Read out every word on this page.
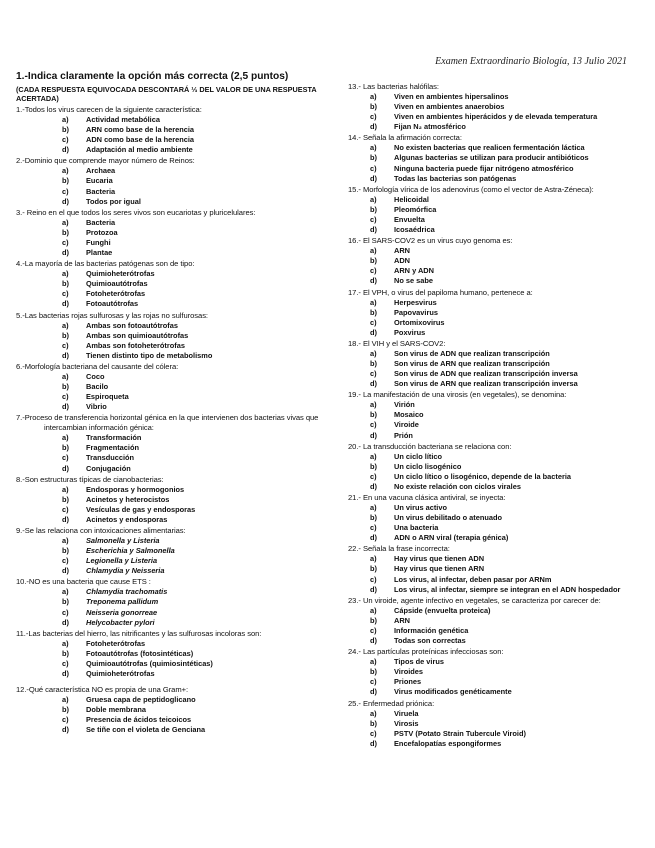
Examen Extraordinario Biología, 13 Julio 2021

1.-Indica claramente la opción más correcta (2,5 puntos)

(CADA RESPUESTA EQUIVOCADA DESCONTARÁ ⅓ DEL VALOR DE UNA RESPUESTA ACERTADA)

1.-Todos los virus carecen de la siguiente característica:
a) Actividad metabólica
b) ARN como base de la herencia
c) ADN como base de la herencia
d) Adaptación al medio ambiente
2.-Dominio que comprende mayor número de Reinos:
a) Archaea
b) Eucaria
c) Bacteria
d) Todos por igual
3.- Reino en el que todos los seres vivos son eucariotas y pluricelulares:
a) Bacteria
b) Protozoa
c) Funghi
d) Plantae
4.-La mayoría de las bacterias patógenas son de tipo:
a) Quimioheterótrofas
b) Quimioautótrofas
c) Fotoheterótrofas
d) Fotoautótrofas
5.-Las bacterias rojas sulfurosas y las rojas no sulfurosas:
a) Ambas son fotoautótrofas
b) Ambas son quimioautótrofas
c) Ambas son fotoheterótrofas
d) Tienen distinto tipo de metabolismo
6.-Morfología bacteriana del causante del cólera:
a) Coco
b) Bacilo
c) Espiroqueta
d) Vibrio
7.-Proceso de transferencia horizontal génica en la que intervienen dos bacterias vivas que intercambian información génica:
a) Transformación
b) Fragmentación
c) Transducción
d) Conjugación
8.-Son estructuras típicas de cianobacterias:
a) Endosporas y hormogonios
b) Acinetos y heterocistos
c) Vesículas de gas y endosporas
d) Acinetos y endosporas
9.-Se las relaciona con intoxicaciones alimentarias:
a) Salmonella y Listeria
b) Escherichia y Salmonella
c) Legionella y Listeria
d) Chlamydia y Neisseria
10.-NO es una bacteria que cause ETS :
a) Chlamydia trachomatis
b) Treponema pallidum
c) Neisseria gonorreae
d) Helycobacter pylori
11.-Las bacterias del hierro, las nitrificantes y las sulfurosas incoloras son:
a) Fotoheterótrofas
b) Fotoautótrofas (fotosintéticas)
c) Quimioautótrofas (quimiosintéticas)
d) Quimioheterótrofas
12.-Qué característica NO es propia de una Gram+:
a) Gruesa capa de peptidoglicano
b) Doble membrana
c) Presencia de ácidos teicoicos
d) Se tiñe con el violeta de Genciana
13.- Las bacterias halófilas:
a) Viven en ambientes hipersalinos
b) Viven en ambientes anaerobios
c) Viven en ambientes hiperácidos y de elevada temperatura
d) Fijan N₂ atmosférico
14.- Señala la afirmación correcta:
a) No existen bacterias que realicen fermentación láctica
b) Algunas bacterias se utilizan para producir antibióticos
c) Ninguna bacteria puede fijar nitrógeno atmosférico
d) Todas las bacterias son patógenas
15.- Morfología vírica de los adenovirus (como el vector de Astra-Zéneca):
a) Helicoidal
b) Pleomórfica
c) Envuelta
d) Icosaédrica
16.- El SARS-COV2 es un virus cuyo genoma es:
a) ARN
b) ADN
c) ARN y ADN
d) No se sabe
17.- El VPH, o virus del papiloma humano, pertenece a:
a) Herpesvirus
b) Papovavirus
c) Ortomixovirus
d) Poxvirus
18.- El VIH y el SARS-COV2:
a) Son virus de ADN que realizan transcripción
b) Son virus de ARN que realizan transcripción
c) Son virus de ADN que realizan transcripción inversa
d) Son virus de ARN que realizan transcripción inversa
19.- La manifestación de una virosis (en vegetales), se denomina:
a) Virión
b) Mosaico
c) Viroide
d) Prión
20.- La transducción bacteriana se relaciona con:
a) Un ciclo lítico
b) Un ciclo lisogénico
c) Un ciclo lítico o lisogénico, depende de la bacteria
d) No existe relación con ciclos virales
21.- En una vacuna clásica antiviral, se inyecta:
a) Un virus activo
b) Un virus debilitado o atenuado
c) Una bacteria
d) ADN o ARN viral (terapia génica)
22.- Señala la frase incorrecta:
a) Hay virus que tienen ADN
b) Hay virus que tienen ARN
c) Los virus, al infectar, deben pasar por ARNm
d) Los virus, al infectar, siempre se integran en el ADN hospedador
23.- Un viroide, agente infectivo en vegetales, se caracteriza por carecer de:
a) Cápside (envuelta proteica)
b) ARN
c) Información genética
d) Todas son correctas
24.- Las partículas proteínicas infecciosas son:
a) Tipos de virus
b) Viroides
c) Priones
d) Virus modificados genéticamente
25.- Enfermedad priónica:
a) Viruela
b) Virosis
c) PSTV (Potato Strain Tubercule Viroid)
d) Encefalopatías espongiformes
